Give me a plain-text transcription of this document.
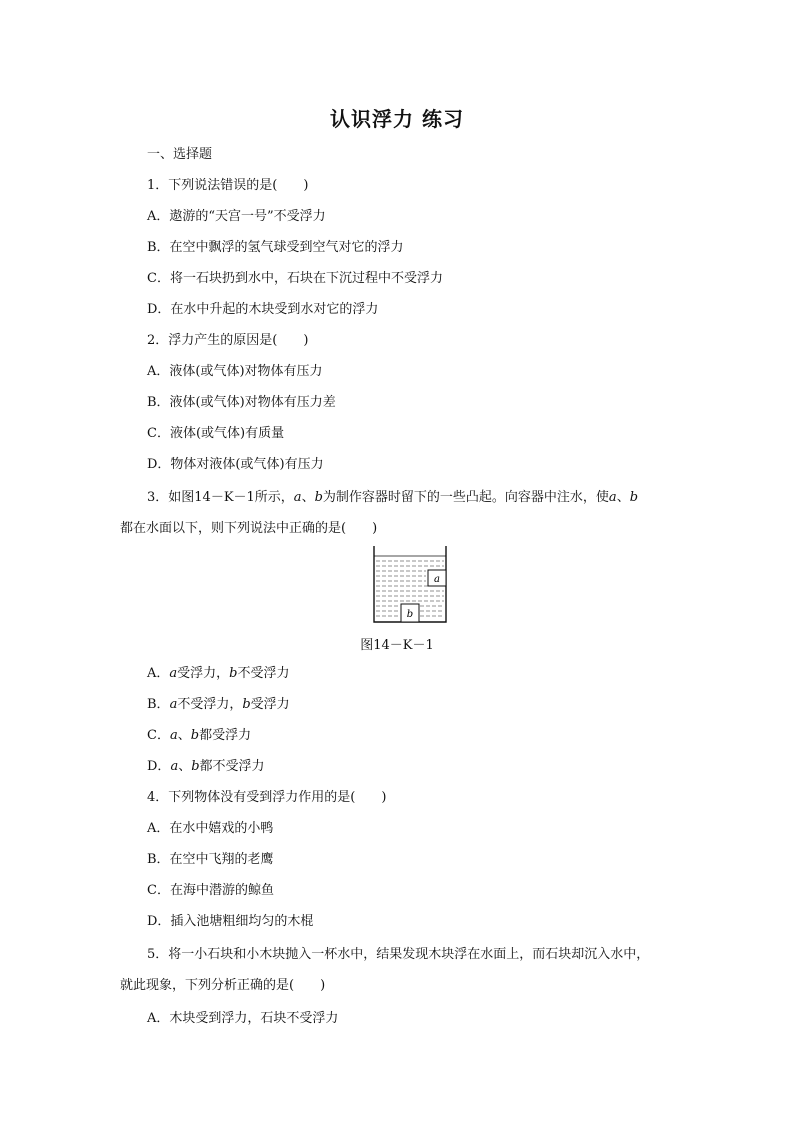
认识浮力 练习
一、选择题
1．下列说法错误的是(　　)
A．遨游的“天宫一号”不受浮力
B．在空中飘浮的氢气球受到空气对它的浮力
C．将一石块扔到水中，石块在下沉过程中不受浮力
D．在水中升起的木块受到水对它的浮力
2．浮力产生的原因是(　　)
A．液体(或气体)对物体有压力
B．液体(或气体)对物体有压力差
C．液体(或气体)有质量
D．物体对液体(或气体)有压力
3．如图14－K－1所示，a、b为制作容器时留下的一些凸起。向容器中注水，使a、b
都在水面以下，则下列说法中正确的是(　　)
a
b
图14－K－1
A．a受浮力，b不受浮力
B．a不受浮力，b受浮力
C．a、b都受浮力
D．a、b都不受浮力
4．下列物体没有受到浮力作用的是(　　)
A．在水中嬉戏的小鸭
B．在空中飞翔的老鹰
C．在海中潜游的鲸鱼
D．插入池塘粗细均匀的木棍
5．将一小石块和小木块抛入一杯水中，结果发现木块浮在水面上，而石块却沉入水中，
就此现象，下列分析正确的是(　　)
A．木块受到浮力，石块不受浮力
